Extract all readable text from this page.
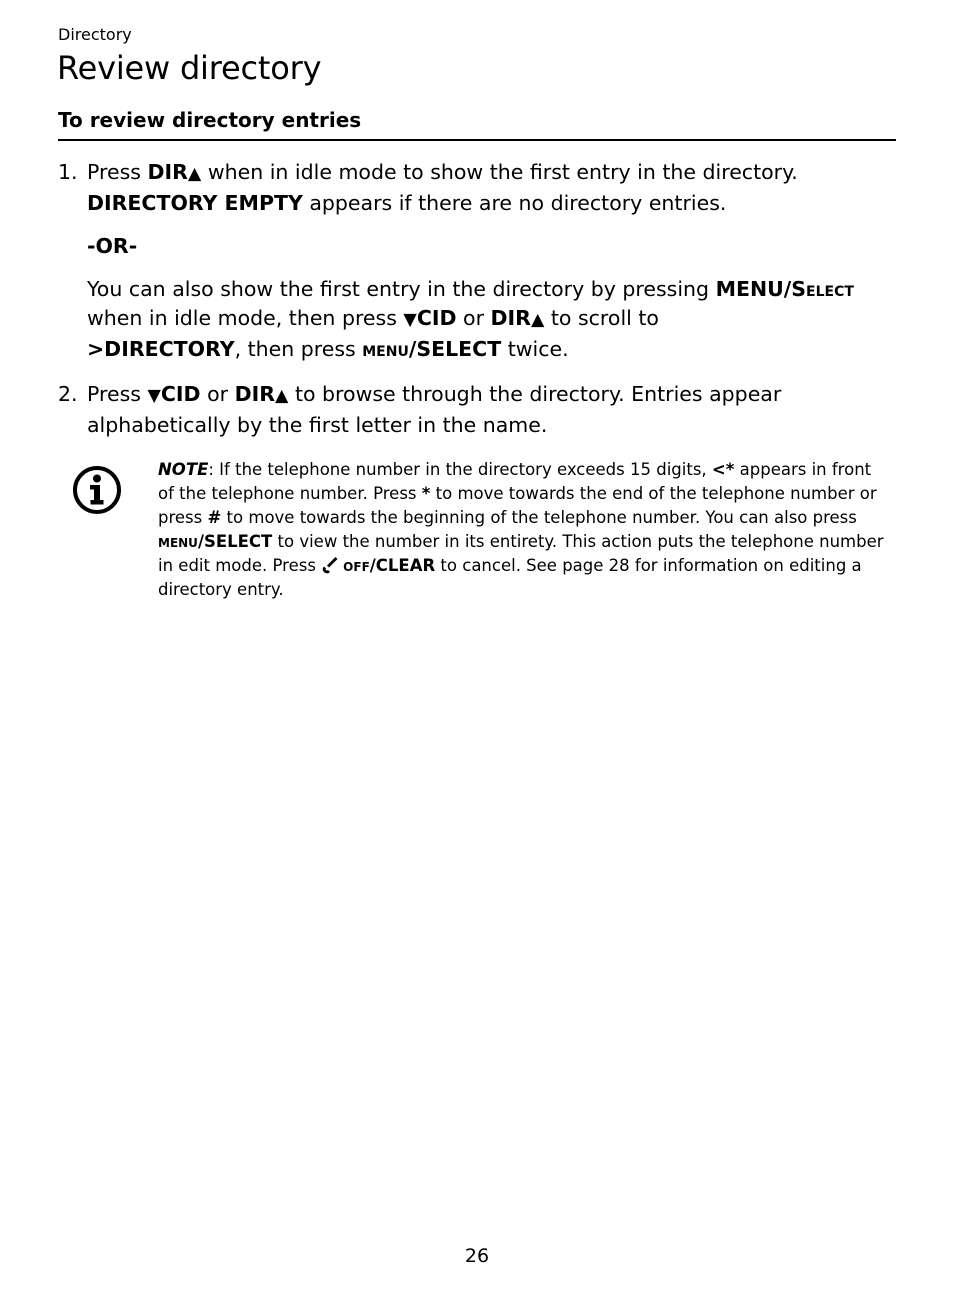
Directory
Review directory
To review directory entries
1. Press DIR▲ when in idle mode to show the first entry in the directory. DIRECTORY EMPTY appears if there are no directory entries.

-OR-

You can also show the first entry in the directory by pressing MENU/Select when in idle mode, then press ▼CID or DIR▲ to scroll to
>DIRECTORY, then press menu/SELECT twice.

2. Press ▼CID or DIR▲ to browse through the directory. Entries appear alphabetically by the first letter in the name.

NOTE: If the telephone number in the directory exceeds 15 digits, <* appears in front of the telephone number. Press * to move towards the end of the telephone number or press # to move towards the beginning of the telephone number. You can also press menu/SELECT to view the number in its entirety. This action puts the telephone number in edit mode. Press off/CLEAR to cancel. See page 28 for information on editing a directory entry.
26
